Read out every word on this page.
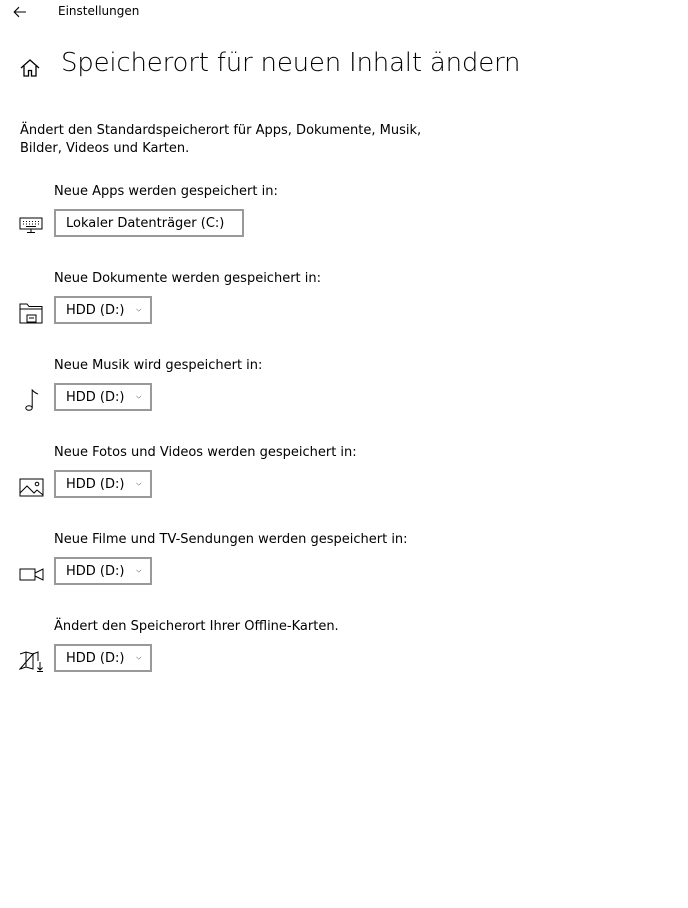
Einstellungen
Speicherort für neuen Inhalt ändern
Ändert den Standardspeicherort für Apps, Dokumente, Musik, Bilder, Videos und Karten.
Neue Apps werden gespeichert in:
Lokaler Datenträger (C:)
Neue Dokumente werden gespeichert in:
HDD (D:)
Neue Musik wird gespeichert in:
HDD (D:)
Neue Fotos und Videos werden gespeichert in:
HDD (D:)
Neue Filme und TV-Sendungen werden gespeichert in:
HDD (D:)
Ändert den Speicherort Ihrer Offline-Karten.
HDD (D:)
